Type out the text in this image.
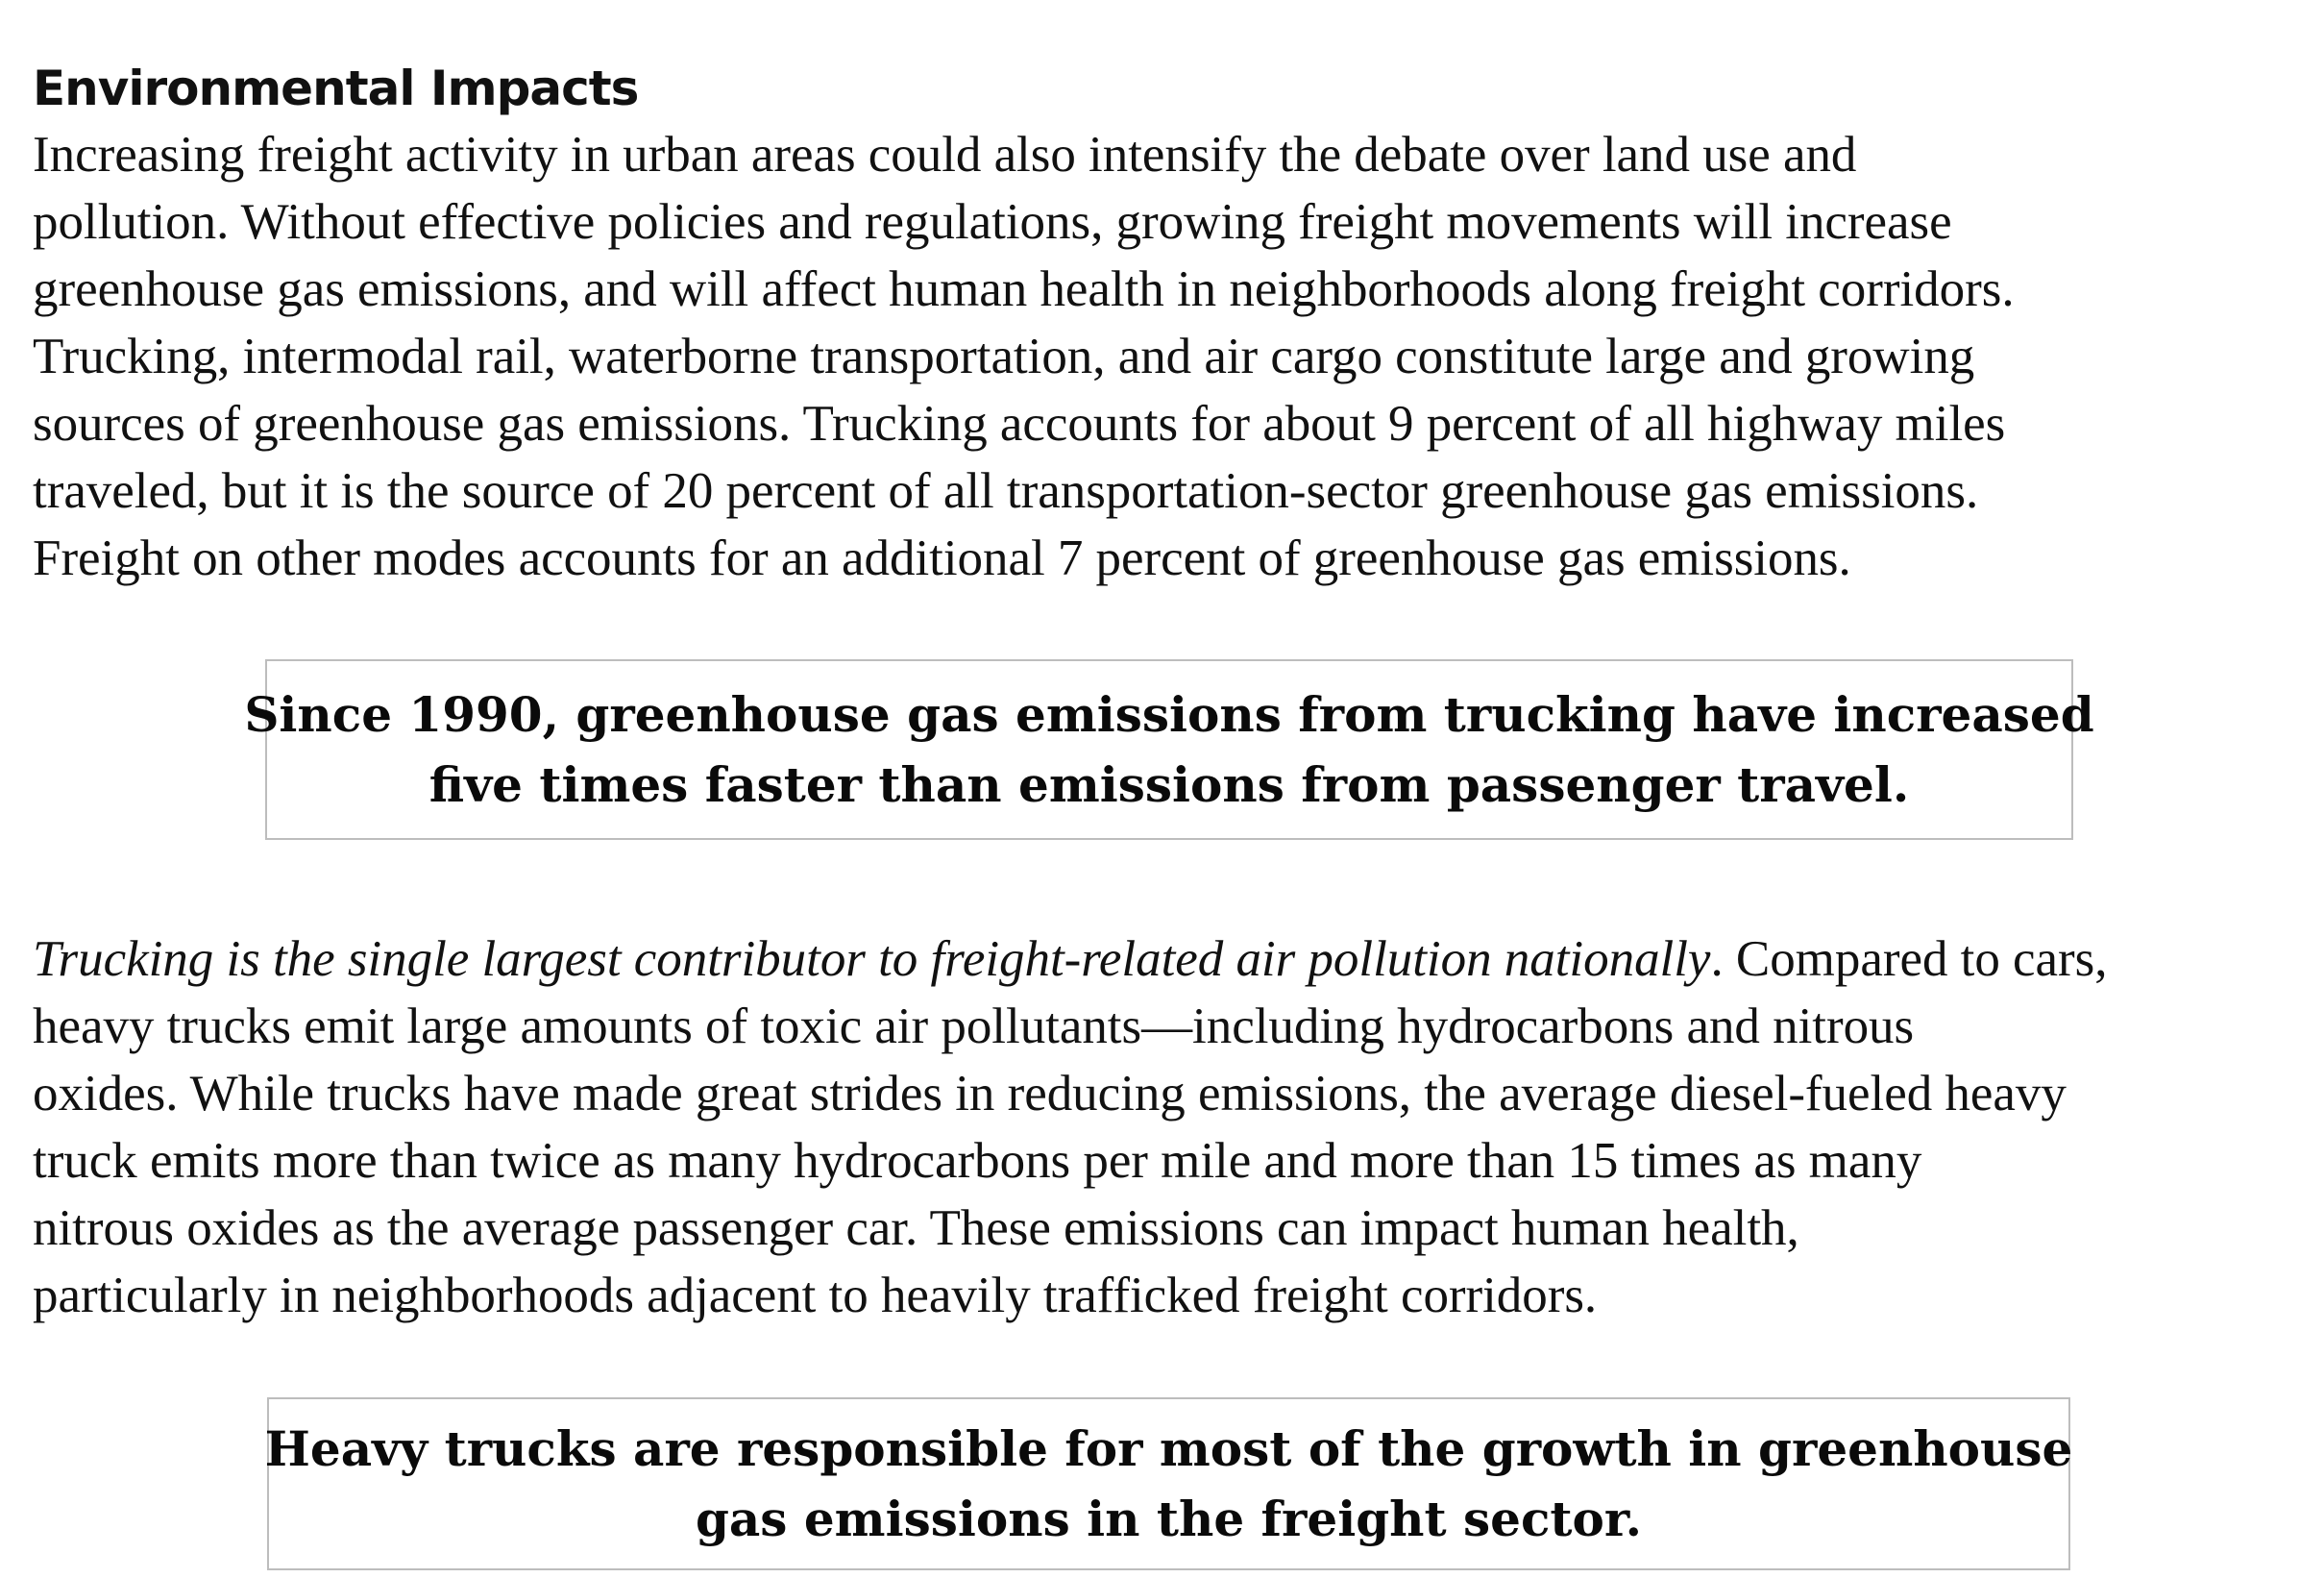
Environmental Impacts

Increasing freight activity in urban areas could also intensify the debate over land use and
pollution. Without effective policies and regulations, growing freight movements will increase
greenhouse gas emissions, and will affect human health in neighborhoods along freight corridors.
Trucking, intermodal rail, waterborne transportation, and air cargo constitute large and growing
sources of greenhouse gas emissions. Trucking accounts for about 9 percent of all highway miles
traveled, but it is the source of 20 percent of all transportation-sector greenhouse gas emissions.
Freight on other modes accounts for an additional 7 percent of greenhouse gas emissions.

Since 1990, greenhouse gas emissions from trucking have increased
five times faster than emissions from passenger travel.

Trucking is the single largest contributor to freight-related air pollution nationally. Compared to cars,
heavy trucks emit large amounts of toxic air pollutants—including hydrocarbons and nitrous
oxides. While trucks have made great strides in reducing emissions, the average diesel-fueled heavy
truck emits more than twice as many hydrocarbons per mile and more than 15 times as many
nitrous oxides as the average passenger car. These emissions can impact human health,
particularly in neighborhoods adjacent to heavily trafficked freight corridors.

Heavy trucks are responsible for most of the growth in greenhouse
gas emissions in the freight sector.
